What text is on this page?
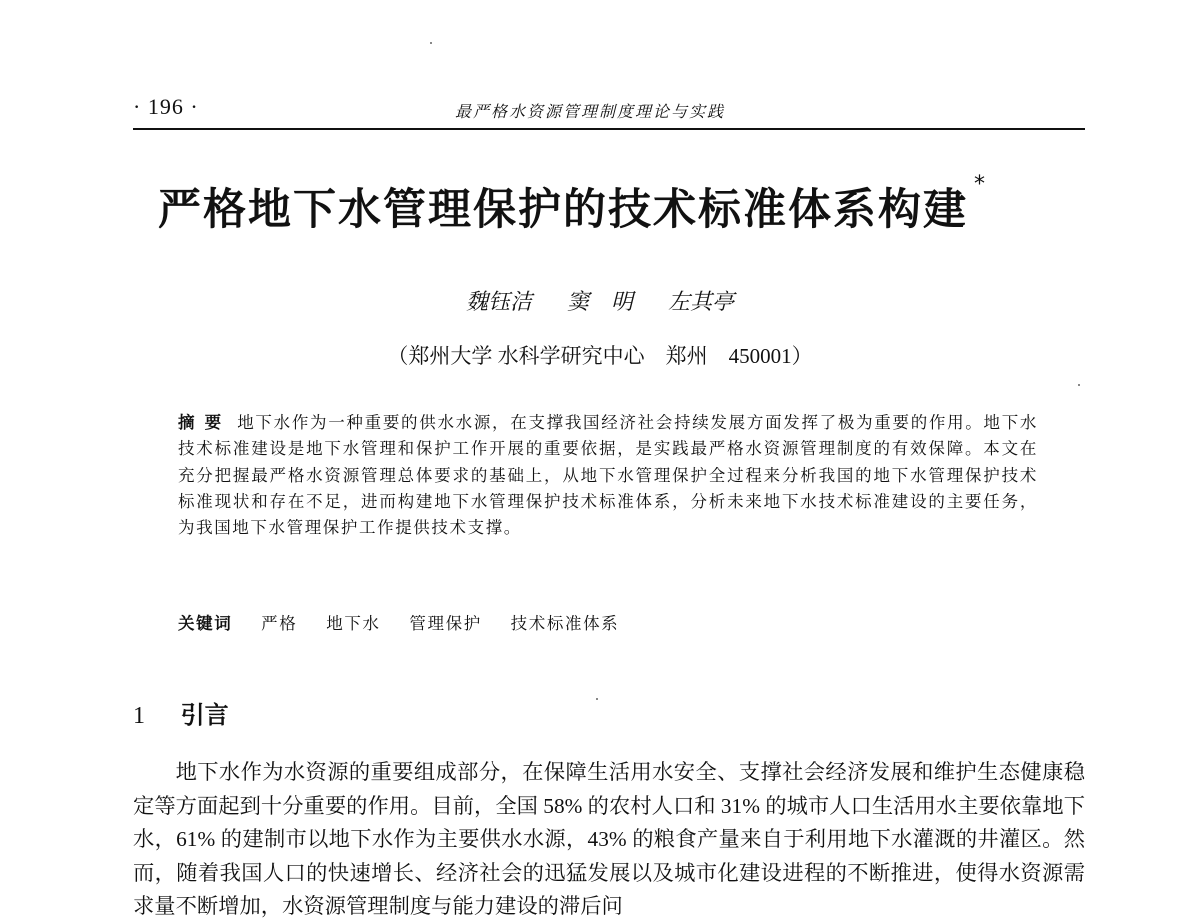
· 196 ·	最严格水资源管理制度理论与实践
严格地下水管理保护的技术标准体系构建*
魏钰洁 窦　明 左其亭
（郑州大学 水科学研究中心　郑州　450001）
摘要 地下水作为一种重要的供水水源，在支撑我国经济社会持续发展方面发挥了极为重要的作用。地下水技术标准建设是地下水管理和保护工作开展的重要依据，是实践最严格水资源管理制度的有效保障。本文在充分把握最严格水资源管理总体要求的基础上，从地下水管理保护全过程来分析我国的地下水管理保护技术标准现状和存在不足，进而构建地下水管理保护技术标准体系，分析未来地下水技术标准建设的主要任务，为我国地下水管理保护工作提供技术支撑。
关键词 严格 地下水 管理保护 技术标准体系
1 引言

地下水作为水资源的重要组成部分，在保障生活用水安全、支撑社会经济发展和维护生态健康稳定等方面起到十分重要的作用。目前，全国 58% 的农村人口和 31% 的城市人口生活用水主要依靠地下水，61% 的建制市以地下水作为主要供水水源，43% 的粮食产量来自于利用地下水灌溉的井灌区。然而，随着我国人口的快速增长、经济社会的迅猛发展以及城市化建设进程的不断推进，使得水资源需求量不断增加，水资源管理制度与能力建设的滞后问
